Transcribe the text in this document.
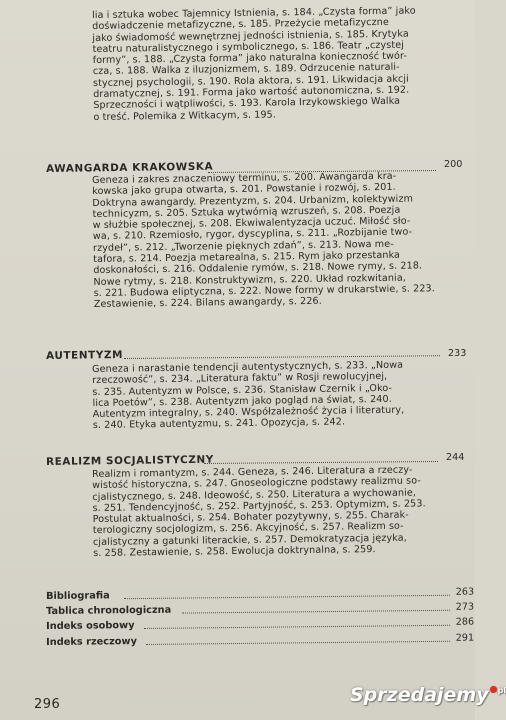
lia i sztuka wobec Tajemnicy Istnienia, s. 184. „Czysta forma” jako doświadczenie metafizyczne, s. 185. Przeżycie metafizyczne
jako świadomość wewnętrznej jedności istnienia, s. 185. Krytyka
teatru naturalistycznego i symbolicznego, s. 186. Teatr „czystej
formy”, s. 188. „Czysta forma” jako naturalna konieczność twór-
cza, s. 188. Walka z iluzjonizmem, s. 189. Odrzucenie naturali-
stycznej psychologii, s. 190. Rola aktora, s. 191. Likwidacja akcji
dramatycznej, s. 191. Forma jako wartość autonomiczna, s. 192.
Sprzeczności i wątpliwości, s. 193. Karola Irzykowskiego Walka
o treść. Polemika z Witkacym, s. 195.
AWANGARDA KRAKOWSKA	200
Geneza i zakres znaczeniowy terminu, s. 200. Awangarda kra-
kowska jako grupa otwarta, s. 201. Powstanie i rozwój, s. 201.
Doktryna awangardy. Prezentyzm, s. 204. Urbanizm, kolektywizm
technicyzm, s. 205. Sztuka wytwórnią wzruszeń, s. 208. Poezja
w służbie społecznej, s. 208. Ekwiwalentyzacja uczuć. Miłość sło-
wa, s. 210. Rzemiosło, rygor, dyscyplina, s. 211. „Rozbijanie two-
rzydeł”, s. 212. „Tworzenie pięknych zdań”, s. 213. Nowa me-
tafora, s. 214. Poezja metarealna, s. 215. Rym jako przestanka
doskonałości, s. 216. Oddalenie rymów, s. 218. Nowe rymy, s. 218.
Nowe rytmy, s. 218. Konstruktywizm, s. 220. Układ rozkwitania,
s. 221. Budowa eliptyczna, s. 222. Nowe formy w drukarstwie, s. 223.
Zestawienie, s. 224. Bilans awangardy, s. 226.
AUTENTYZM	233
Geneza i narastanie tendencji autentystycznych, s. 233. „Nowa
rzeczowość”, s. 234. „Literatura faktu” w Rosji rewolucyjnej,
s. 235. Autentyzm w Polsce, s. 236. Stanisław Czernik i „Oko-
lica Poetów”, s. 238. Autentyzm jako pogląd na świat, s. 240.
Autentyzm integralny, s. 240. Współzależność życia i literatury,
s. 240. Etyka autentyzmu, s. 241. Opozycja, s. 242.
REALIZM SOCJALISTYCZNY	244
Realizm i romantyzm, s. 244. Geneza, s. 246. Literatura a rzeczy-
wistość historyczna, s. 247. Gnoseologiczne podstawy realizmu so-
cjalistycznego, s. 248. Ideowość, s. 250. Literatura a wychowanie,
s. 251. Tendencyjność, s. 252. Partyjność, s. 253. Optymizm, s. 253.
Postulat aktualności, s. 254. Bohater pozytywny, s. 255. Charak-
terologiczny socjologizm, s. 256. Akcyjność, s. 257. Realizm so-
cjalistyczny a gatunki literackie, s. 257. Demokratyzacja języka,
s. 258. Zestawienie, s. 258. Ewolucja doktrynalna, s. 259.
Bibliografia	263
Tablica chronologiczna	273
Indeks osobowy	286
Indeks rzeczowy	291
296	Sprzedajemy $^{pl}$
